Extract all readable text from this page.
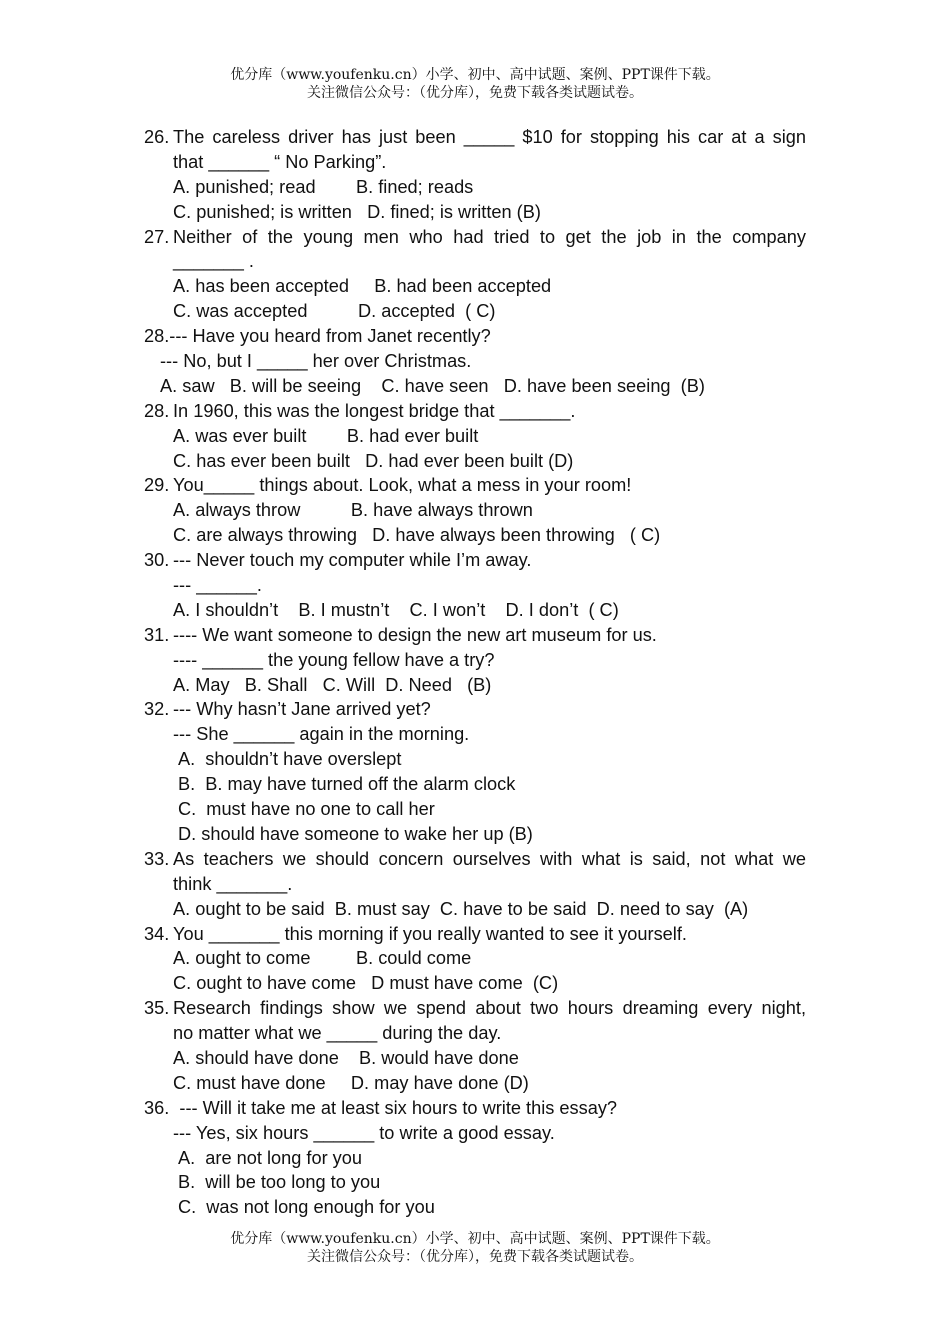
优分库（www.youfenku.cn）小学、初中、高中试题、案例、PPT课件下载。
关注微信公众号：（优分库），免费下载各类试题试卷。
26. The careless driver has just been _____ $10 for stopping his car at a sign
that ______ “ No Parking”.
A. punished; read        B. fined; reads
C. punished; is written   D. fined; is written (B)
27. Neither of the young men who had tried to get the job in the company
_______ .
A. has been accepted     B. had been accepted
C. was accepted          D. accepted  ( C)
28.--- Have you heard from Janet recently?
--- No, but I _____ her over Christmas.
A. saw   B. will be seeing    C. have seen   D. have been seeing  (B)
28. In 1960, this was the longest bridge that _______.
A. was ever built        B. had ever built
C. has ever been built   D. had ever been built (D)
29. You_____ things about. Look, what a mess in your room!
A. always throw          B. have always thrown
C. are always throwing   D. have always been throwing   ( C)
30. --- Never touch my computer while I’m away.
--- ______.
A. I shouldn’t    B. I mustn’t    C. I won’t    D. I don’t  ( C)
31. ---- We want someone to design the new art museum for us.
---- ______ the young fellow have a try?
A. May   B. Shall   C. Will  D. Need   (B)
32. --- Why hasn’t Jane arrived yet?
--- She ______ again in the morning.
A.  shouldn’t have overslept
B.  B. may have turned off the alarm clock
C.  must have no one to call her
D. should have someone to wake her up (B)
33. As teachers we should concern ourselves with what is said, not what we
think _______.
A. ought to be said  B. must say  C. have to be said  D. need to say  (A)
34. You _______ this morning if you really wanted to see it yourself.
A. ought to come         B. could come
C. ought to have come   D must have come  (C)
35. Research findings show we spend about two hours dreaming every night,
no matter what we _____ during the day.
A. should have done    B. would have done
C. must have done     D. may have done (D)
36.  --- Will it take me at least six hours to write this essay?
--- Yes, six hours ______ to write a good essay.
A.  are not long for you
B.  will be too long to you
C.  was not long enough for you
优分库（www.youfenku.cn）小学、初中、高中试题、案例、PPT课件下载。
关注微信公众号：（优分库），免费下载各类试题试卷。
